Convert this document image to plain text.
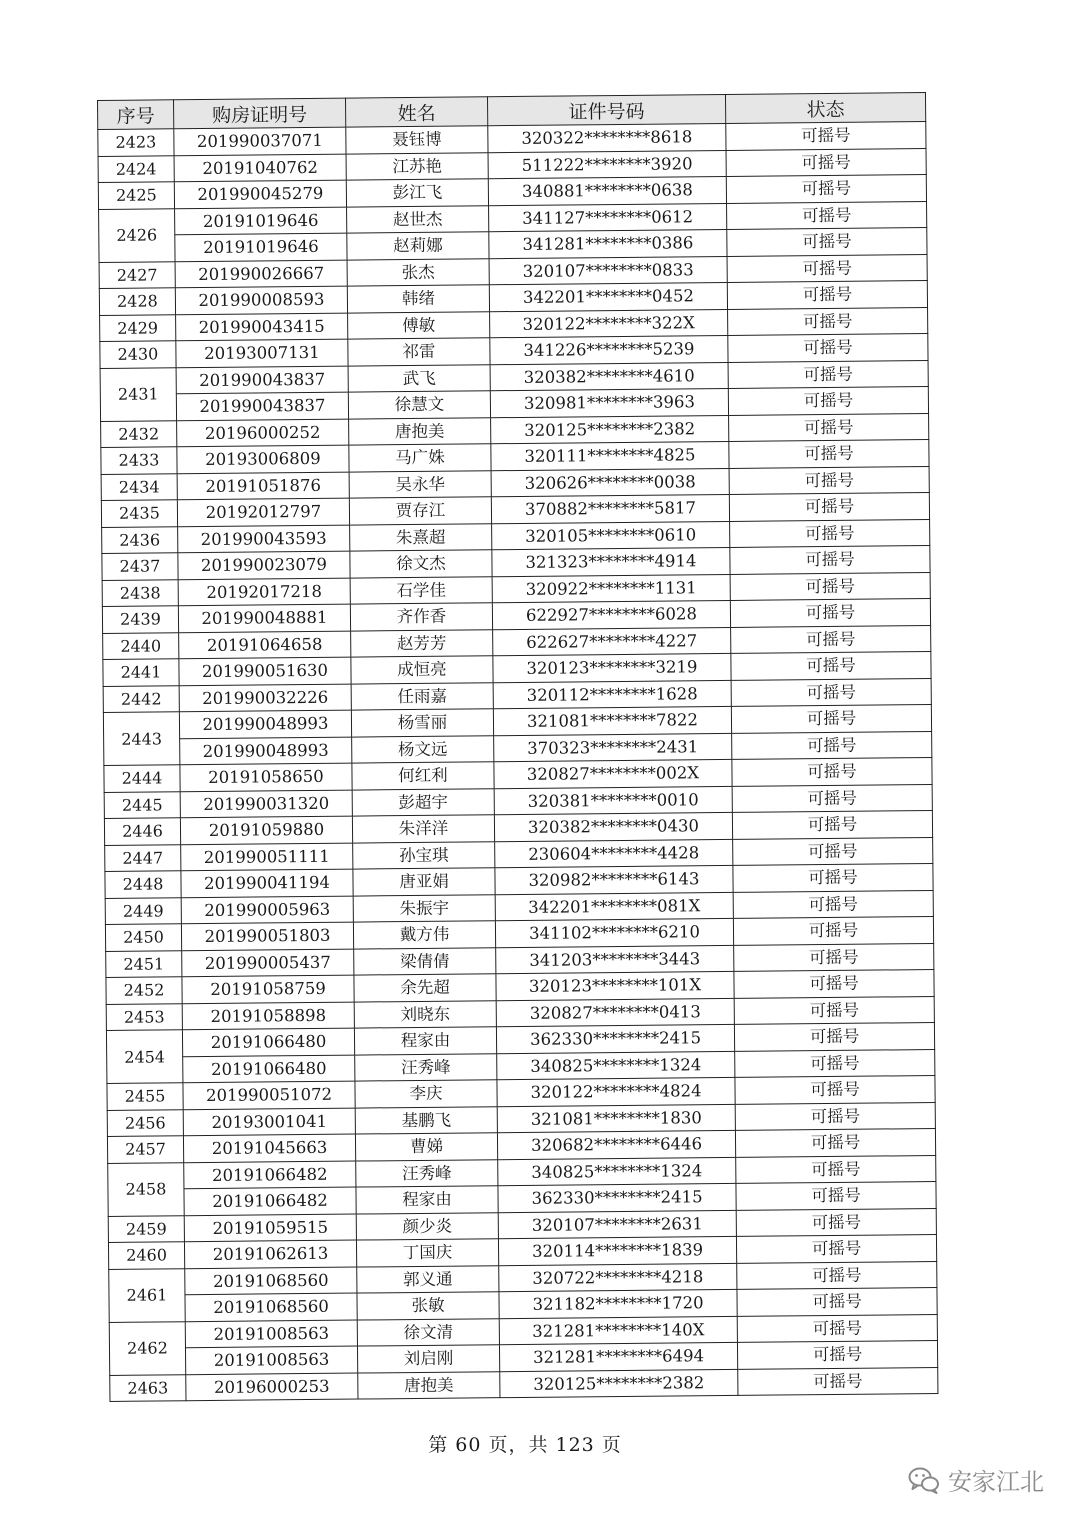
序号	购房证明号	姓名	证件号码	状态
2423	201990037071	聂钰博	320322********8618	可摇号
2424	20191040762	江苏艳	511222********3920	可摇号
2425	201990045279	彭江飞	340881********0638	可摇号
2426	20191019646	赵世杰	341127********0612	可摇号
	20191019646	赵莉娜	341281********0386	可摇号
2427	201990026667	张杰	320107********0833	可摇号
2428	201990008593	韩绪	342201********0452	可摇号
2429	201990043415	傅敏	320122********322X	可摇号
2430	20193007131	祁雷	341226********5239	可摇号
2431	201990043837	武飞	320382********4610	可摇号
	201990043837	徐慧文	320981********3963	可摇号
2432	20196000252	唐抱美	320125********2382	可摇号
2433	20193006809	马广姝	320111********4825	可摇号
2434	20191051876	吴永华	320626********0038	可摇号
2435	20192012797	贾存江	370882********5817	可摇号
2436	201990043593	朱熹超	320105********0610	可摇号
2437	201990023079	徐文杰	321323********4914	可摇号
2438	20192017218	石学佳	320922********1131	可摇号
2439	201990048881	齐作香	622927********6028	可摇号
2440	20191064658	赵芳芳	622627********4227	可摇号
2441	201990051630	成恒亮	320123********3219	可摇号
2442	201990032226	任雨嘉	320112********1628	可摇号
2443	201990048993	杨雪丽	321081********7822	可摇号
	201990048993	杨文远	370323********2431	可摇号
2444	20191058650	何红利	320827********002X	可摇号
2445	201990031320	彭超宇	320381********0010	可摇号
2446	20191059880	朱洋洋	320382********0430	可摇号
2447	201990051111	孙宝琪	230604********4428	可摇号
2448	201990041194	唐亚娟	320982********6143	可摇号
2449	201990005963	朱振宇	342201********081X	可摇号
2450	201990051803	戴方伟	341102********6210	可摇号
2451	201990005437	梁倩倩	341203********3443	可摇号
2452	20191058759	余先超	320123********101X	可摇号
2453	20191058898	刘晓东	320827********0413	可摇号
2454	20191066480	程家由	362330********2415	可摇号
	20191066480	汪秀峰	340825********1324	可摇号
2455	201990051072	李庆	320122********4824	可摇号
2456	20193001041	基鹏飞	321081********1830	可摇号
2457	20191045663	曹娣	320682********6446	可摇号
2458	20191066482	汪秀峰	340825********1324	可摇号
	20191066482	程家由	362330********2415	可摇号
2459	20191059515	颜少炎	320107********2631	可摇号
2460	20191062613	丁国庆	320114********1839	可摇号
2461	20191068560	郭义通	320722********4218	可摇号
	20191068560	张敏	321182********1720	可摇号
2462	20191008563	徐文清	321281********140X	可摇号
	20191008563	刘启刚	321281********6494	可摇号
2463	20196000253	唐抱美	320125********2382	可摇号
第 60 页，共 123 页
安家江北
